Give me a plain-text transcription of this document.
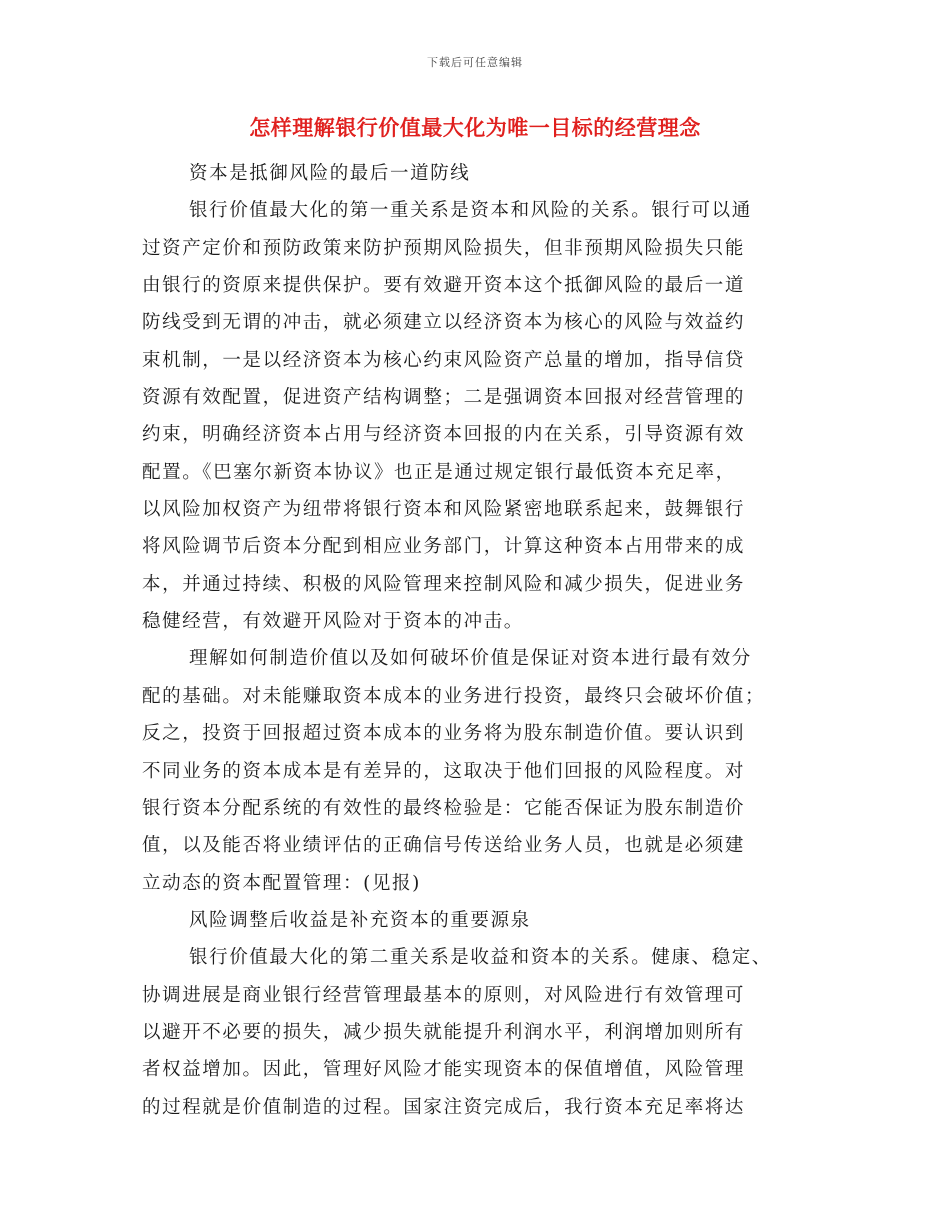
下载后可任意编辑
怎样理解银行价值最大化为唯一目标的经营理念
资本是抵御风险的最后一道防线
银行价值最大化的第一重关系是资本和风险的关系。银行可以通
过资产定价和预防政策来防护预期风险损失，但非预期风险损失只能
由银行的资原来提供保护。要有效避开资本这个抵御风险的最后一道
防线受到无谓的冲击，就必须建立以经济资本为核心的风险与效益约
束机制，一是以经济资本为核心约束风险资产总量的增加，指导信贷
资源有效配置，促进资产结构调整；二是强调资本回报对经营管理的
约束，明确经济资本占用与经济资本回报的内在关系，引导资源有效
配置。《巴塞尔新资本协议》也正是通过规定银行最低资本充足率，
以风险加权资产为纽带将银行资本和风险紧密地联系起来，鼓舞银行
将风险调节后资本分配到相应业务部门，计算这种资本占用带来的成
本，并通过持续、积极的风险管理来控制风险和减少损失，促进业务
稳健经营，有效避开风险对于资本的冲击。
理解如何制造价值以及如何破坏价值是保证对资本进行最有效分
配的基础。对未能赚取资本成本的业务进行投资，最终只会破坏价值；
反之，投资于回报超过资本成本的业务将为股东制造价值。要认识到
不同业务的资本成本是有差异的，这取决于他们回报的风险程度。对
银行资本分配系统的有效性的最终检验是：它能否保证为股东制造价
值，以及能否将业绩评估的正确信号传送给业务人员，也就是必须建
立动态的资本配置管理：(见报)
风险调整后收益是补充资本的重要源泉
银行价值最大化的第二重关系是收益和资本的关系。健康、稳定、
协调进展是商业银行经营管理最基本的原则，对风险进行有效管理可
以避开不必要的损失，减少损失就能提升利润水平，利润增加则所有
者权益增加。因此，管理好风险才能实现资本的保值增值，风险管理
的过程就是价值制造的过程。国家注资完成后，我行资本充足率将达
